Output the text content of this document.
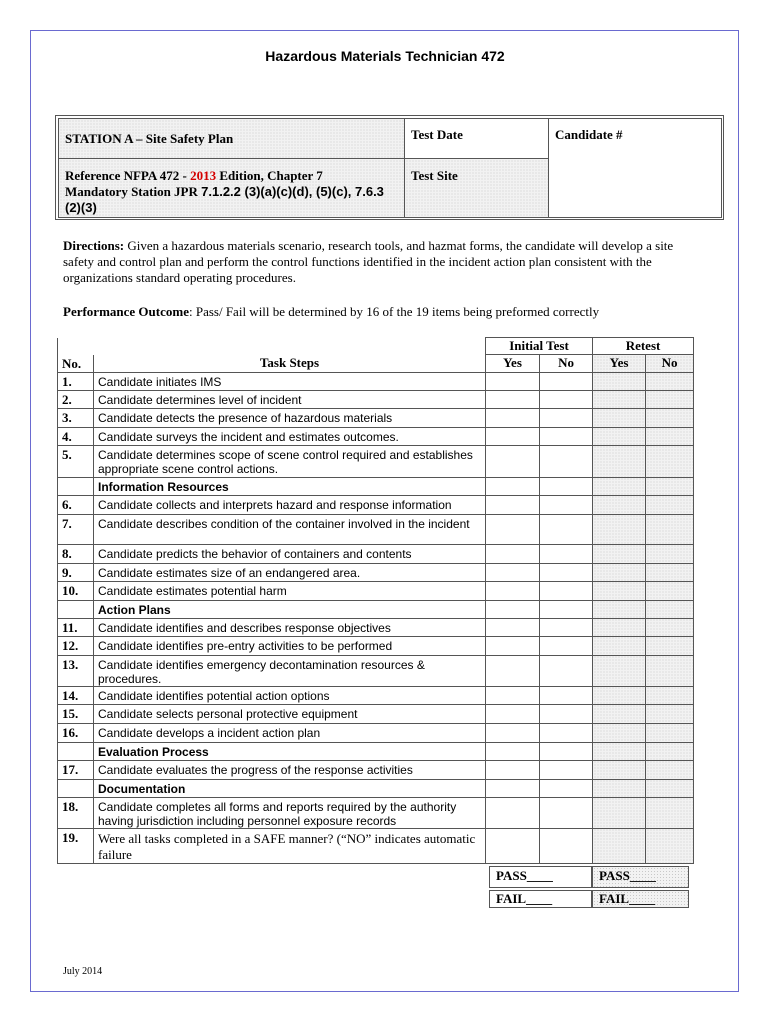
Hazardous Materials Technician 472
STATION A – Site Safety Plan	Test Date	Candidate #
Reference NFPA 472 - 2013 Edition, Chapter 7
Mandatory Station JPR 7.1.2.2 (3)(a)(c)(d), (5)(c), 7.6.3 (2)(3)	Test Site	
Directions: Given a hazardous materials scenario, research tools, and hazmat forms, the candidate will develop a site safety and control plan and perform the control functions identified in the incident action plan consistent with the organizations standard operating procedures.
Performance Outcome: Pass/ Fail will be determined by 16 of the 19 items being preformed correctly
		Initial Test		Retest	
No.	Task Steps	Yes	No	Yes	No
1.	Candidate initiates IMS				
2.	Candidate determines level of incident				
3.	Candidate detects the presence of hazardous materials				
4.	Candidate surveys the incident and estimates outcomes.				
5.	Candidate determines scope of scene control required and establishes appropriate scene control actions.				
	Information Resources				
6.	Candidate collects and interprets hazard and response information				
7.	Candidate describes condition of the container involved in the incident				
8.	Candidate predicts the behavior of containers and contents				
9.	Candidate estimates size of an endangered area.				
10.	Candidate estimates potential harm				
	Action Plans				
11.	Candidate identifies and describes response objectives				
12.	Candidate identifies pre-entry activities to be performed				
13.	Candidate identifies emergency decontamination resources & procedures.				
14.	Candidate identifies potential action options				
15.	Candidate selects personal protective equipment				
16.	Candidate develops a incident action plan				
	Evaluation Process				
17.	Candidate evaluates the progress of the response activities				
	Documentation				
18.	Candidate completes all forms and reports required by the authority having jurisdiction including personnel exposure records				
19.	Were all tasks completed in a SAFE manner? (“NO” indicates automatic failure				
PASS____	PASS____
FAIL____	FAIL____
July 2014
